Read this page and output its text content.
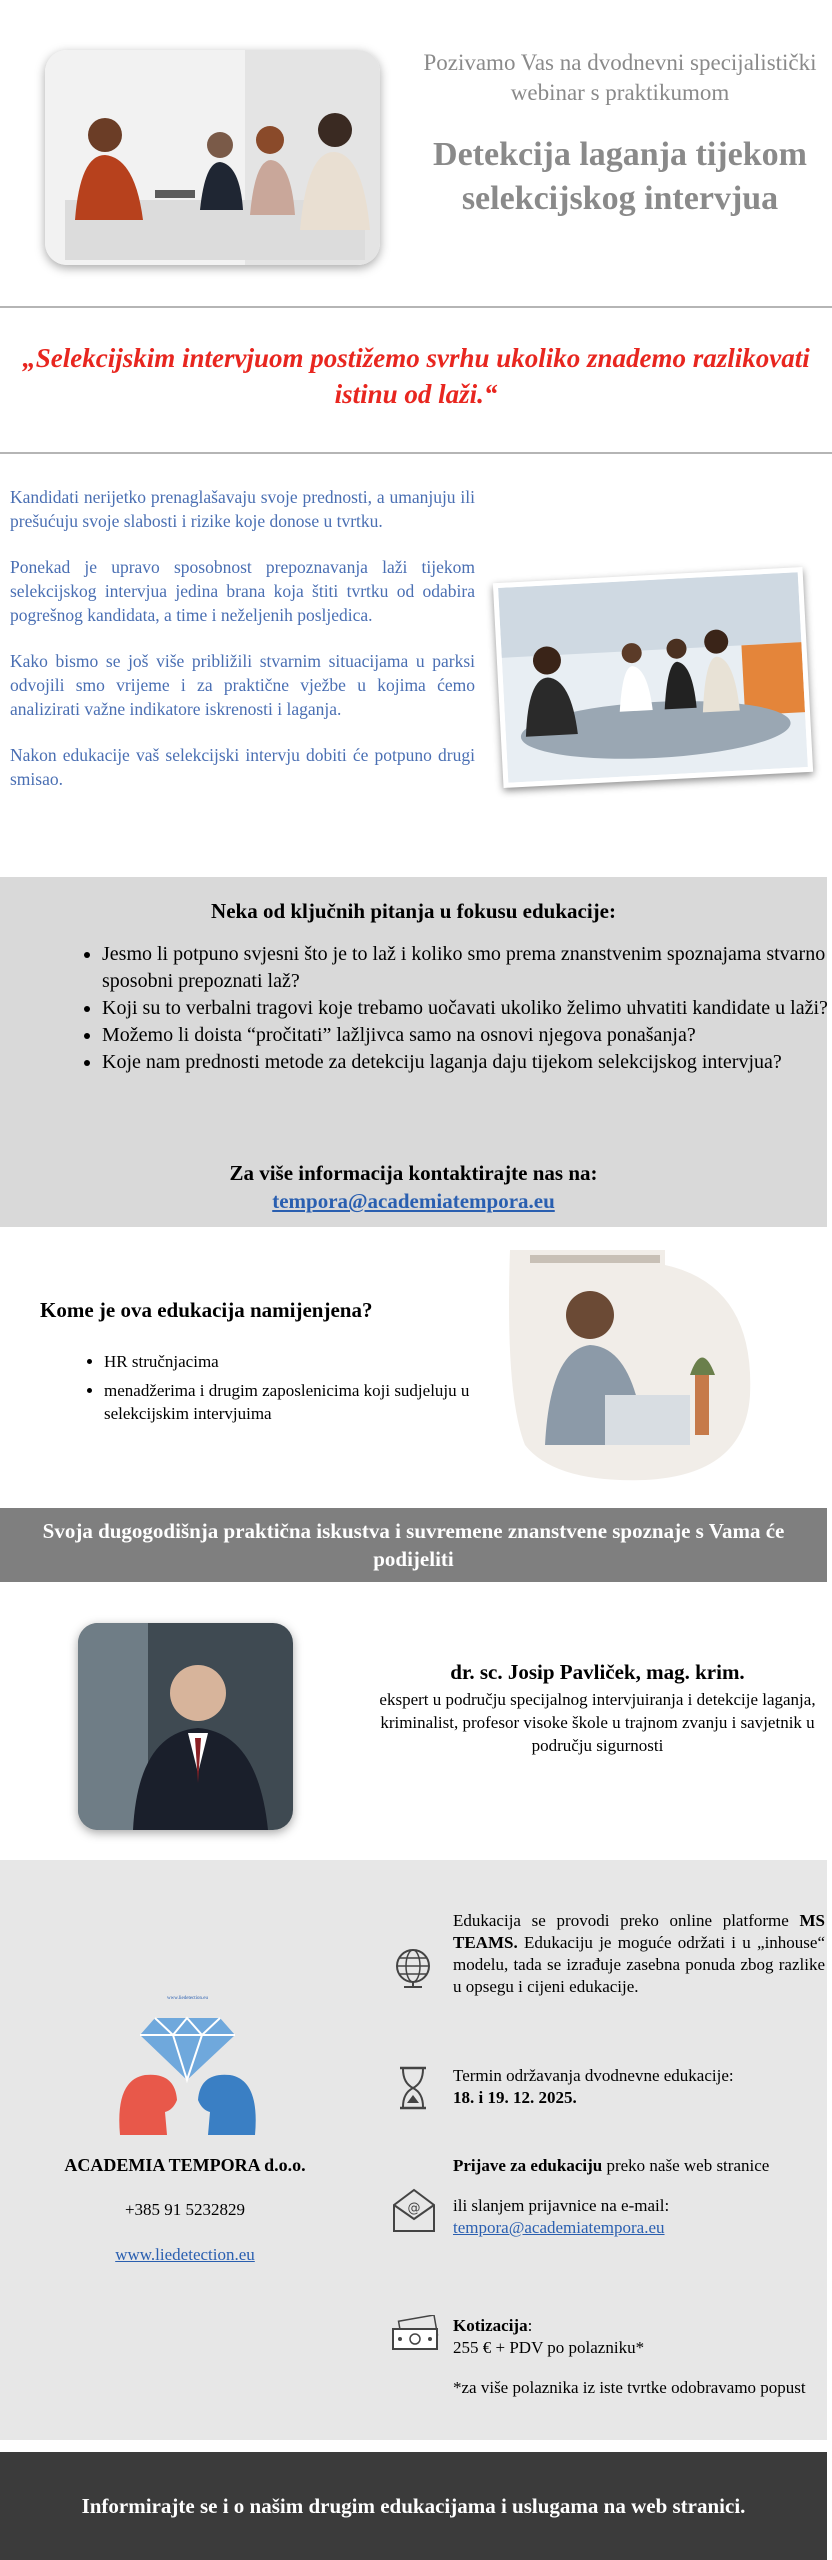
Pozivamo Vas na dvodnevni specijalistički webinar s praktikumom
Detekcija laganja tijekom selekcijskog intervjua
„Selekcijskim intervjuom postižemo svrhu ukoliko znademo razlikovati istinu od laži.“

Kandidati nerijetko prenaglašavaju svoje prednosti, a umanjuju ili prešućuju svoje slabosti i rizike koje donose u tvrtku.

Ponekad je upravo sposobnost prepoznavanja laži tijekom selekcijskog intervjua jedina brana koja štiti tvrtku od odabira pogrešnog kandidata, a time i neželjenih posljedica.

Kako bismo se još više približili stvarnim situacijama u parksi odvojili smo vrijeme i za praktične vježbe u kojima ćemo analizirati važne indikatore iskrenosti i laganja.

Nakon edukacije vaš selekcijski intervju dobiti će potpuno drugi smisao.

Neka od ključnih pitanja u fokusu edukacije:
• Jesmo li potpuno svjesni što je to laž i koliko smo prema znanstvenim spoznajama stvarno sposobni prepoznati laž?
• Koji su to verbalni tragovi koje trebamo uočavati ukoliko želimo uhvatiti kandidate u laži?
• Možemo li doista “pročitati” lažljivca samo na osnovi njegova ponašanja?
• Koje nam prednosti metode za detekciju laganja daju tijekom selekcijskog intervjua?
Za više informacija kontaktirajte nas na:
tempora@academiatempora.eu
Kome je ova edukacija namijenjena?
• HR stručnjacima
• menadžerima i drugim zaposlenicima koji sudjeluju u selekcijskim intervjuima
Svoja dugogodišnja praktična iskustva i suvremene znanstvene spoznaje s Vama će podijeliti
dr. sc. Josip Pavliček, mag. krim.
ekspert u području specijalnog intervjuiranja i detekcije laganja, kriminalist, profesor visoke škole u trajnom zvanju i savjetnik u području sigurnosti
www.liedetection.eu
ACADEMIA TEMPORA d.o.o.
+385 91 5232829
www.liedetection.eu

Edukacija se provodi preko online platforme MS TEAMS. Edukaciju je moguće održati i u „inhouse“ modelu, tada se izrađuje zasebna ponuda zbog razlike u opsegu i cijeni edukacije.

Termin održavanja dvodnevne edukacije:

18. i 19. 12. 2025.

@

Prijave za edukaciju preko naše web stranice

ili slanjem prijavnice na e-mail:

tempora@academiatempora.eu

Kotizacija:

255 € + PDV po polazniku*

*za više polaznika iz iste tvrtke odobravamo popust

Informirajte se i o našim drugim edukacijama i uslugama na web stranici.
